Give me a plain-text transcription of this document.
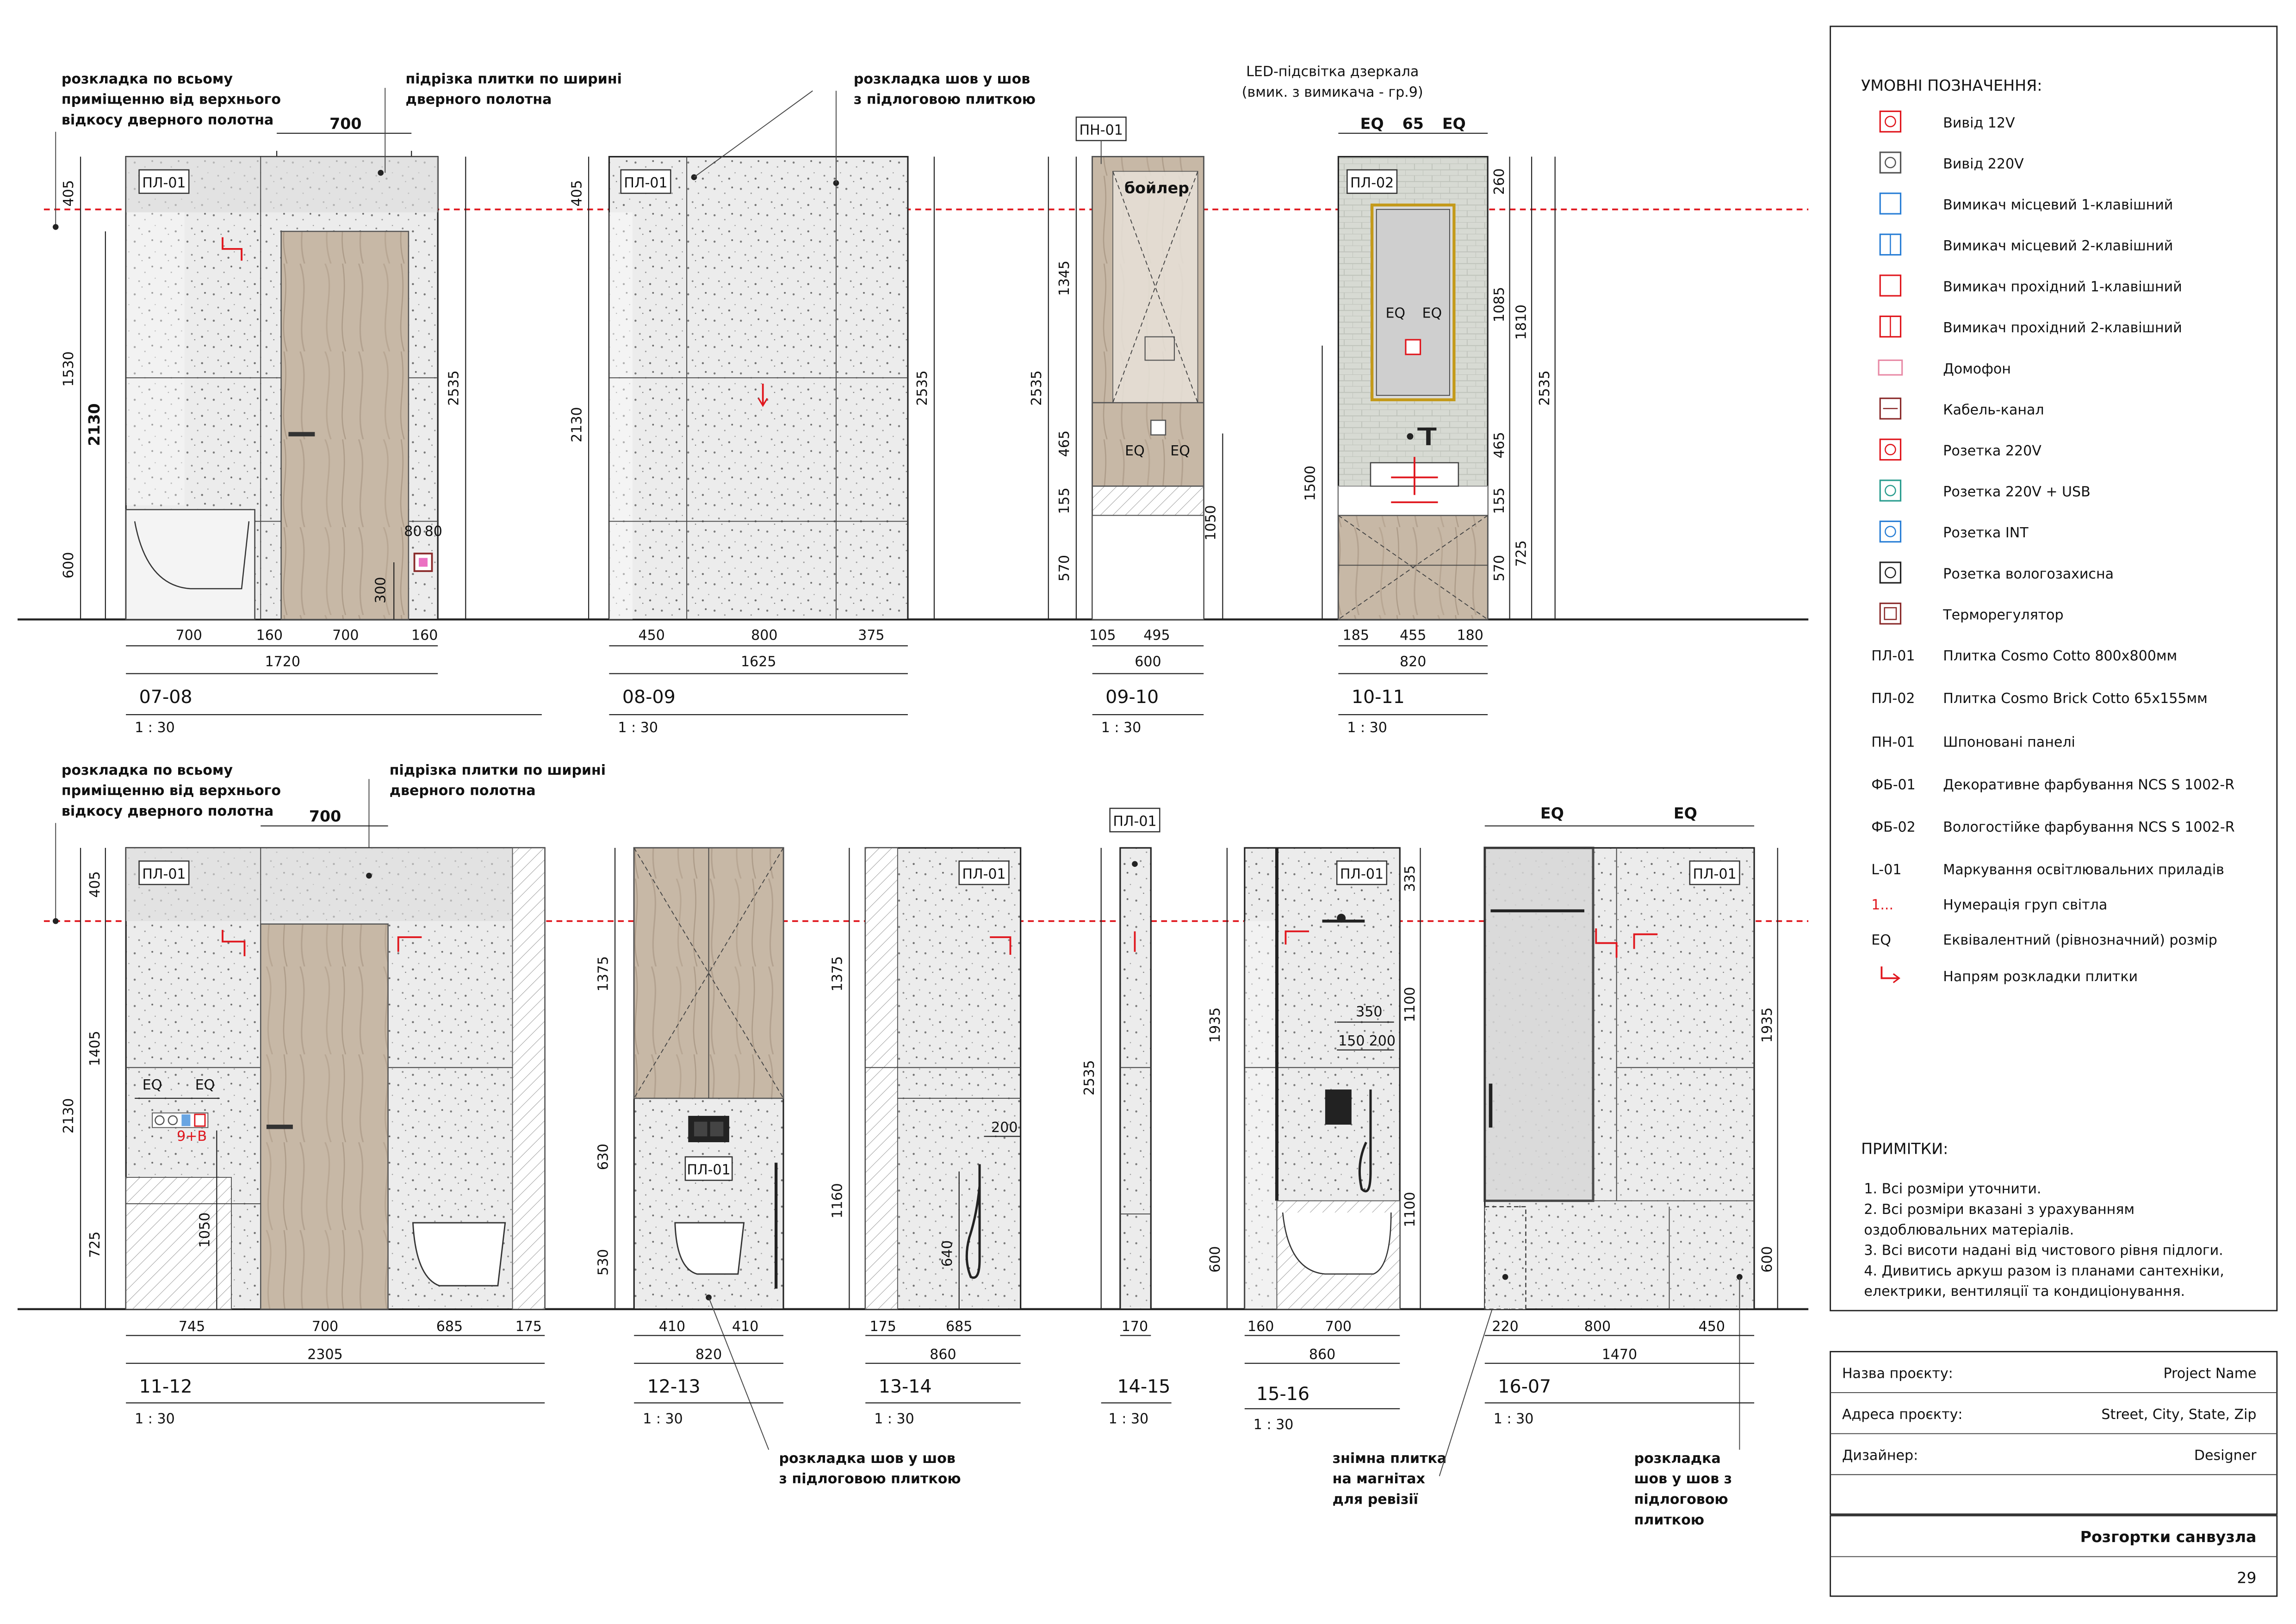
ПЛ-01
700
405
1530
600
2130
2535
80 80
300
700	160	700	160
1720
07-08
1 : 30
розкладка по всьому
приміщенню від верхнього
відкосу дверного полотна
підрізка плитки по ширині
дверного полотна
ПЛ-01
405
2130
2535
450	800	375
1625
08-09
1 : 30
розкладка шов у шов
з підлоговою плиткою
бойлер
EQ	EQ
ПН-01
2535
1345
465
155
570
1050
105	495
600
09-10
1 : 30
EQ	EQ
ПЛ-02
LED-підсвітка дзеркала
(вмик. з вимикача - гр.9)
EQ	65	EQ
1500
260
1085
465
155
570
1810
725
2535
185	455	180
820
10-11
1 : 30
розкладка по всьому
приміщенню від верхнього
відкосу дверного полотна
підрізка плитки по ширині
дверного полотна
9+В
EQ	EQ
ПЛ-01
700
405
1405
725
2130
1050
745	700	685	175
2305
11-12
1 : 30
ПЛ-01
1375
630
530
410	410
820
12-13
1 : 30
розкладка шов у шов
з підлоговою плиткою
ПЛ-01
1375
1160
200
640
175	685
860
13-14
1 : 30
ПЛ-01
2535
170
14-15
1 : 30
ПЛ-01
350
150 200
1935
600
335
1100
1100
160	700
860
15-16
1 : 30
знімна плитка
на магнітах
для ревізії
ПЛ-01
EQ	EQ
1935
600
220	800	450
1470
16-07
1 : 30
розкладка
шов у шов з
підлоговою
плиткою
УМОВНІ ПОЗНАЧЕННЯ:
Вивід 12V
Вивід 220V
Вимикач місцевий 1-клавішний
Вимикач місцевий 2-клавішний
Вимикач прохідний 1-клавішний
Вимикач прохідний 2-клавішний
Домофон
Кабель-канал
Розетка 220V
Розетка 220V + USB
Розетка INT
Розетка вологозахисна
Терморегулятор
ПЛ-01	Плитка Cosmo Cotto 800х800мм
ПЛ-02	Плитка Cosmo Brick Cotto 65х155мм
ПН-01	Шпоновані панелі
ФБ-01	Декоративне фарбування NCS S 1002-R
ФБ-02	Вологостійке фарбування NCS S 1002-R
L-01	Маркування освітлювальних приладів
1...	Нумерація груп світла
EQ	Еквівалентний (рівнозначний) розмір
Напрям розкладки плитки
ПРИМІТКИ:
1. Всі розміри уточнити.
2. Всі розміри вказані з урахуванням
оздоблювальних матеріалів.
3. Всі висоти надані від чистового рівня підлоги.
4. Дивитись аркуш разом із планами сантехніки,
електрики, вентиляції та кондиціонування.
Назва проєкту:	Project Name
Адреса проєкту:	Street, City, State, Zip
Дизайнер:	Designer
Розгортки санвузла
29
